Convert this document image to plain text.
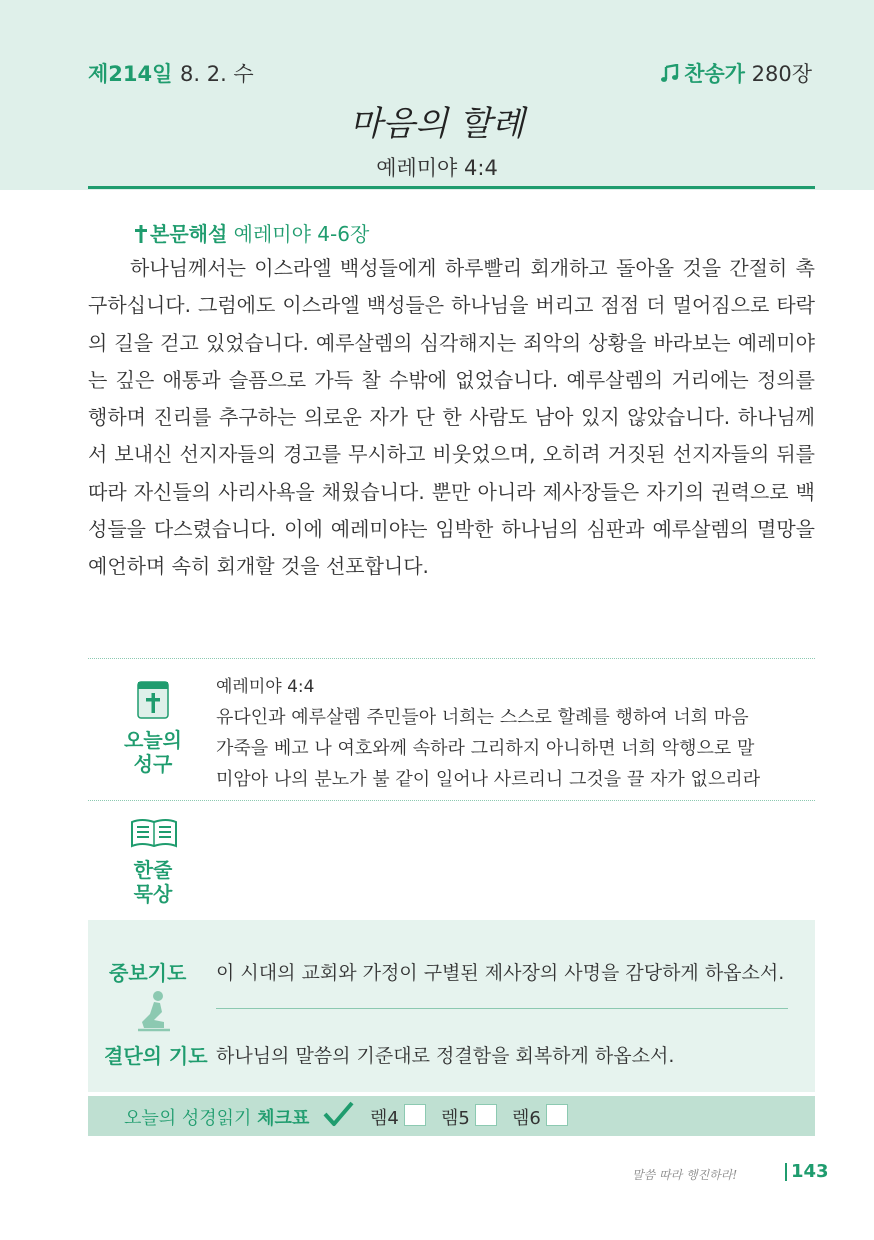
제214일 8. 2. 수	찬송가 280장
마음의 할례
예레미야 4:4
본문해설 예레미야 4-6장
하나님께서는 이스라엘 백성들에게 하루빨리 회개하고 돌아올 것을 간절히 촉
구하십니다. 그럼에도 이스라엘 백성들은 하나님을 버리고 점점 더 멀어짐으로 타락
의 길을 걷고 있었습니다. 예루살렘의 심각해지는 죄악의 상황을 바라보는 예레미야
는 깊은 애통과 슬픔으로 가득 찰 수밖에 없었습니다. 예루살렘의 거리에는 정의를
행하며 진리를 추구하는 의로운 자가 단 한 사람도 남아 있지 않았습니다. 하나님께
서 보내신 선지자들의 경고를 무시하고 비웃었으며, 오히려 거짓된 선지자들의 뒤를
따라 자신들의 사리사욕을 채웠습니다. 뿐만 아니라 제사장들은 자기의 권력으로 백
성들을 다스렸습니다. 이에 예레미야는 임박한 하나님의 심판과 예루살렘의 멸망을
예언하며 속히 회개할 것을 선포합니다.
오늘의
성구
예레미야 4:4
유다인과 예루살렘 주민들아 너희는 스스로 할례를 행하여 너희 마음
가죽을 베고 나 여호와께 속하라 그리하지 아니하면 너희 악행으로 말
미암아 나의 분노가 불 같이 일어나 사르리니 그것을 끌 자가 없으리라
한줄
묵상
중보기도 이 시대의 교회와 가정이 구별된 제사장의 사명을 감당하게 하옵소서.
결단의 기도 하나님의 말씀의 기준대로 정결함을 회복하게 하옵소서.
오늘의 성경읽기 체크표	렘4 렘5 렘6
말씀 따라 행진하라!	143
